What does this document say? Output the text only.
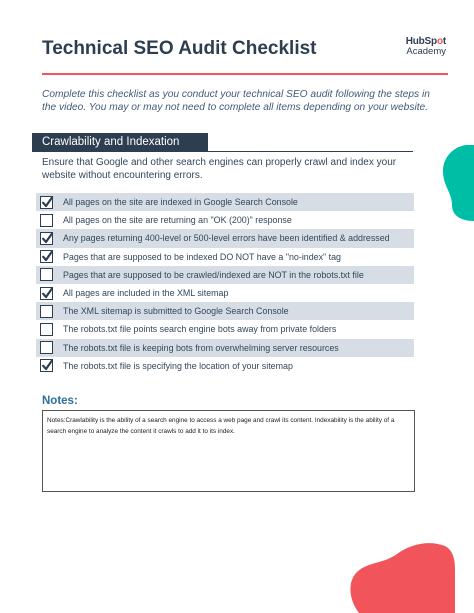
Technical SEO Audit Checklist	HubSpot
Academy
Complete this checklist as you conduct your technical SEO audit following the steps in the video. You may or may not need to complete all items depending on your website.
Crawlability and Indexation
Ensure that Google and other search engines can properly crawl and index your website without encountering errors.
All pages on the site are indexed in Google Search Console
All pages on the site are returning an "OK (200)" response
Any pages returning 400-level or 500-level errors have been identified & addressed
Pages that are supposed to be indexed DO NOT have a "no-index" tag
Pages that are supposed to be crawled/indexed are NOT in the robots.txt file
All pages are included in the XML sitemap
The XML sitemap is submitted to Google Search Console
The robots.txt file points search engine bots away from private folders
The robots.txt file is keeping bots from overwhelming server resources
The robots.txt file is specifying the location of your sitemap
Notes:
Notes:Crawlability is the ability of a search engine to access a web page and crawl its content. Indexability is the ability of a search engine to analyze the content it crawls to add it to its index.
